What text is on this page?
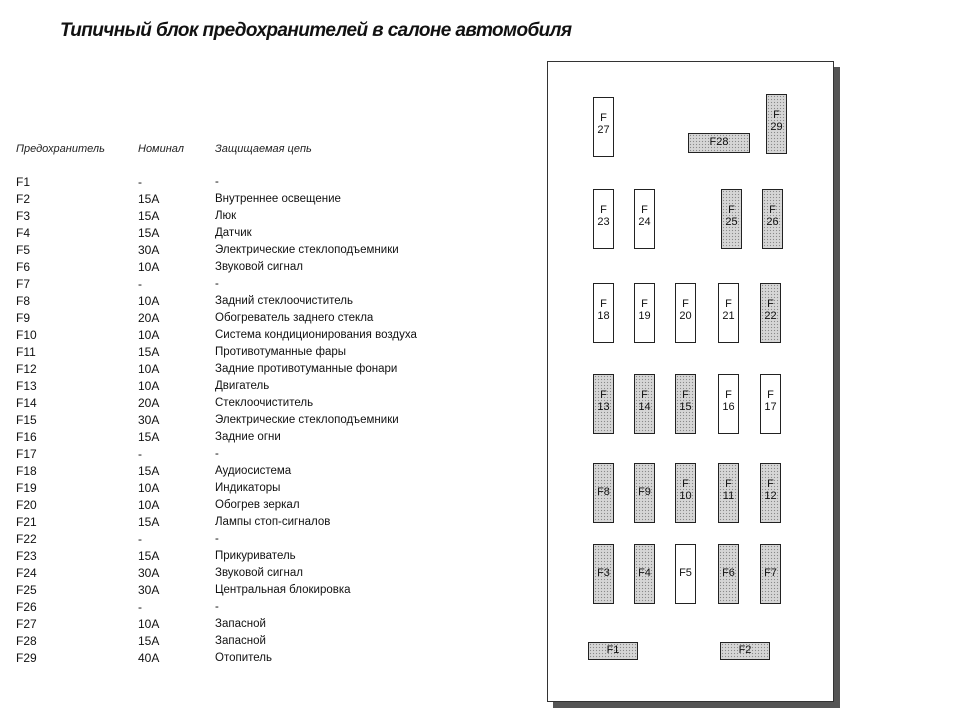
Типичный блок предохранителей в салоне автомобиля
Предохранитель	Номинал	Защищаемая цепь
F1	-	-
F2	15A	Внутреннее освещение
F3	15A	Люк
F4	15A	Датчик
F5	30A	Электрические стеклоподъемники
F6	10A	Звуковой сигнал
F7	-	-
F8	10A	Задний стеклоочиститель
F9	20A	Обогреватель заднего стекла
F10	10A	Система кондиционирования воздуха
F11	15A	Противотуманные фары
F12	10A	Задние противотуманные фонари
F13	10A	Двигатель
F14	20A	Стеклоочиститель
F15	30A	Электрические стеклоподъемники
F16	15A	Задние огни
F17	-	-
F18	15A	Аудиосистема
F19	10A	Индикаторы
F20	10A	Обогрев зеркал
F21	15A	Лампы стоп-сигналов
F22	-	-
F23	15A	Прикуриватель
F24	30A	Звуковой сигнал
F25	30A	Центральная блокировка
F26	-	-
F27	10A	Запасной
F28	15A	Запасной
F29	40A	Отопитель
F
27
F
29
F28
F
23
F
24
F
25
F
26
F
18
F
19
F
20
F
21
F
22
F
13
F
14
F
15
F
16
F
17
F8	F9
F
10
F
11
F
12
F3	F4	F5	F6	F7
F1	F2
